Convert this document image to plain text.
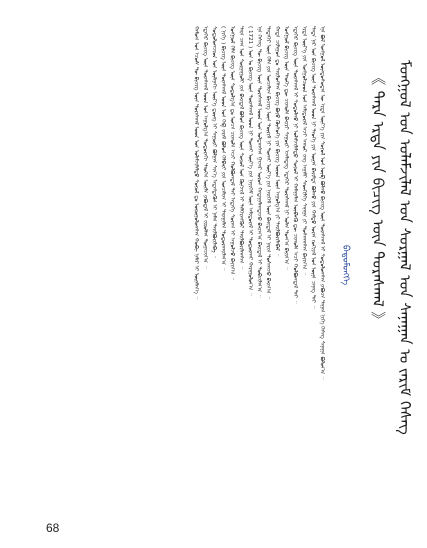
ᠮᠣᠩᠭᠣᠯ ᠤᠨ ᠤᠯᠠᠮᠵᠢᠯᠠᠯ ᠤᠨ ᠰᠤᠷᠭᠠᠯ ᠤᠨ ᠰᠠᠨᠠᠭᠠᠨ ᠤ ᠵᠠᠷᠢᠮ ᠬᠡᠰᠡᠭ
《 ᠲᠡᠷᠡ ᠡᠷᠲᠡ ᠶᠢᠨ ᠪᠢᠴᠢᠭ ᠦᠨ ᠳᠤᠷᠠᠰᠬᠠᠯ 》
ᠪᠠᠲᠤᠮᠥᠩᠬᠡ
ᠡᠨᠡ ᠪᠣᠯ ᠮᠣᠩᠭᠣᠯ ᠦᠨᠳᠦᠰᠦᠲᠡᠨ ᠦ ᠡᠷᠲᠡ ᠦᠶ᠎ᠡ ᠶᠢᠨ ᠰᠣᠶᠣᠯ ᠤᠨ ᠦᠪ ᠪᠣᠯᠬᠤ ᠪᠢᠴᠢᠭ ᠦᠨ ᠳᠤᠷᠠᠰᠬᠠᠯ ᠢ ᠰᠤᠳᠤᠯᠤᠭᠰᠠᠨ ᠶᠠᠪᠤᠴᠠ ᠳᠠᠭᠠᠨ ᠨᠢᠭᠡ ᠬᠡᠰᠡᠭ ᠰᠠᠨᠠᠭᠠ ᠪᠣᠯᠤᠨ᠎ᠠ ᠃
ᠲᠡᠳᠡ ᠨᠠᠷ ᠤᠨ ᠪᠢᠴᠢᠭ ᠦᠨ ᠳᠤᠷᠠᠰᠬᠠᠯ ᠤᠳ ᠨᠢ ᠲᠡᠦᠬᠡ ᠶᠢᠨ ᠦᠨᠡᠨ ᠪᠠᠷᠢᠮᠲᠠ ᠪᠣᠯᠬᠤ ᠶᠢᠨ ᠬᠠᠮᠲᠤ ᠤᠷᠠᠨ ᠵᠣᠬᠢᠶᠠᠯ ᠤᠨ ᠦᠨᠡ ᠴᠡᠨᠡᠭ ᠲᠡᠢ ᠃
ᠡᠷᠲᠡ ᠦᠶ᠎ᠡ ᠶᠢᠨ ᠮᠣᠩᠭᠣᠯᠴᠤᠳ ᠤᠨ ᠠᠮᠢᠳᠤᠷᠠᠯ ᠠᠵᠢ ᠠᠬᠤᠢ ᠵᠠᠩ ᠠᠭᠠᠯᠢ ᠰᠡᠳᠬᠢᠯᠭᠡ ᠰᠠᠨᠠᠭᠠ ᠶᠢ ᠲᠤᠰᠬᠠᠭᠰᠠᠨ ᠪᠠᠶᠢᠨ᠎ᠠ ᠃
ᠡᠳᠡᠭᠡᠷ ᠪᠢᠴᠢᠭ ᠦᠨ ᠳᠤᠷᠠᠰᠬᠠᠯ ᠢ ᠰᠤᠳᠤᠯᠬᠤ ᠨᠢ ᠤᠯᠠᠮᠵᠢᠯᠠᠯᠲᠤ ᠰᠣᠶᠣᠯ ᠢ ᠬᠠᠮᠠᠭᠠᠯᠠᠨ ᠥᠪᠯᠡᠬᠦ ᠳᠦ ᠴᠢᠬᠤᠯᠠ ᠠᠴᠢ ᠬᠣᠯᠪᠣᠭᠳᠠᠯ ᠲᠠᠢ ᠃
ᠮᠣᠩᠭᠣᠯ ᠪᠢᠴᠢᠭ ᠦᠨ ᠲᠡᠦᠬᠡ ᠳᠦ ᠴᠢᠬᠤᠯᠠ ᠪᠠᠢᠷᠢ ᠰᠠᠭᠤᠷᠢ ᠡᠵᠡᠯᠡᠳᠡᠭ ᠡᠳᠡᠭᠡᠷ ᠳᠤᠷᠠᠰᠬᠠᠯ ᠨᠢ ᠣᠯᠠᠨ ᠲᠣᠭ᠎ᠠ ᠪᠠᠶᠢᠨ᠎ᠠ ᠃
ᠬᠠᠳᠠ ᠴᠢᠯᠠᠭᠤᠨ ᠳᠤ ᠰᠡᠢᠯᠦᠭᠰᠡᠨ ᠪᠢᠴᠢᠭ ᠪᠤᠶᠤ ᠬᠥᠰᠦᠭᠡ ᠶᠢᠨ ᠪᠢᠴᠢᠭ ᠦᠳ ᠦᠨ ᠠᠭᠤᠯᠭ᠎ᠠ ᠶᠢ ᠲᠠᠢᠯᠪᠤᠷᠢᠯᠠᠪᠠᠯ ᠃
ᠲᠡᠳᠡᠭᠡᠷ ᠦᠨ ᠬᠡᠯᠡ ᠶᠢᠨ ᠣᠨᠴᠠᠯᠢᠭ ᠪᠢᠴᠢᠭ ᠦᠨ ᠳᠦᠷᠢᠮ ᠨᠢ ᠲᠤᠬᠠᠢ ᠦᠶ᠎ᠡ ᠶᠢᠨ ᠨᠡᠢᠭᠡᠮ ᠦᠨ ᠪᠠᠢᠳᠠᠯ ᠢ ᠨᠠᠷᠢᠨ ᠲᠤᠰᠬᠠᠵᠤ ᠪᠠᠢᠨ᠎ᠠ ᠃
ᠡᠨᠡ ᠬᠡᠰᠡᠭ ᠲᠦ ᠪᠢᠴᠢᠭ ᠦᠨ ᠳᠤᠷᠠᠰᠬᠠᠯ ᠤᠳ ᠤᠨ ᠣᠯᠳᠠᠭᠰᠠᠨ ᠭᠠᠵᠠᠷ ᠣᠷᠣᠨ ᠬᠠᠳᠠᠭᠠᠯᠠᠭᠳᠠᠵᠤ ᠪᠠᠢᠭ᠎ᠠ ᠪᠠᠢᠳᠠᠯ ᠢ ᠲᠣᠪᠴᠢᠯᠠᠨ᠎ᠠ ᠃
( 1721 ) ᠣᠨ ᠤ ᠪᠢᠴᠢᠭ ᠦᠨ ᠳᠤᠷᠠᠰᠬᠠᠯ ᠤᠳ ᠨᠢ ᠲᠤᠬᠠᠢ ᠦᠶ᠎ᠡ ᠶᠢᠨ ᠨᠡᠶᠢᠭᠡᠮ ᠦᠨ ᠠᠮᠢᠳᠤᠷᠠᠯ ᠢ ᠲᠣᠳᠤᠷᠬᠠᠢ ᠬᠠᠷᠠᠭᠤᠯᠤᠨ᠎ᠠ ᠃
ᠲᠡᠷᠡ ᠴᠠᠭ ᠤᠨ ᠰᠤᠷᠭᠠᠭᠤᠯᠢ ᠶᠢᠨ ᠪᠠᠢᠳᠠᠯ ᠪᠣᠯᠤᠨ ᠪᠢᠴᠢᠭ ᠦᠨ ᠰᠣᠶᠣᠯ ᠤᠨ ᠬᠥᠭᠵᠢᠯ ᠢ ᠳᠡᠯᠭᠡᠷᠡᠩᠭᠦᠢ ᠲᠠᠢᠯᠪᠤᠷᠢᠯᠠᠭᠰᠠᠨ ᠃
ᠮᠣᠩᠭᠣᠯ ᠬᠡᠯᠡ ᠪᠢᠴᠢᠭ ᠦᠨ ᠰᠤᠳᠤᠯᠭ᠎ᠠ ᠳᠤ ᠣᠨᠴᠠ ᠴᠢᠬᠤᠯᠠ ᠠᠴᠢ ᠬᠣᠯᠪᠣᠭᠳᠠᠯ ᠲᠠᠢ ᠮᠡᠳᠡᠭᠡ ᠰᠤᠷᠠᠭ ᠢ ᠠᠭᠤᠯᠵᠤ ᠪᠠᠶᠢᠨ᠎ᠠ ᠃
( ᠨᠢᠭᠡ ) ᠪᠢᠴᠢᠭ ᠦᠨ ᠳᠤᠷᠠᠰᠬᠠᠯ ᠤᠳ ᠤᠨ ᠬᠡᠪ ᠵᠠᠷᠠᠮ ᠪᠣᠯᠤᠨ ᠬᠡᠯᠪᠡᠷᠢ ᠶᠢᠨ ᠣᠨᠴᠠᠯᠢᠭ ᠢ ᠳᠠᠷᠠᠭᠠᠯᠠᠨ ᠲᠣᠳᠤᠷᠬᠠᠢᠯᠠᠨ᠎ᠠ ᠃
ᠰᠤᠳᠤᠯᠤᠭᠴᠢᠳ ᠤᠨ ᠥᠮᠡᠨᠡᠬᠢ ᠦᠷ᠎ᠡ ᠳ᠋ᠦᠩ ᠢ ᠰᠠᠭᠤᠷᠢ ᠪᠣᠯᠭᠠᠨ ᠰᠢᠨ᠎ᠡ ᠮᠡᠳᠡᠭᠳᠡᠬᠦᠨ ᠢ ᠨᠡᠮᠡᠨ ᠲᠠᠢᠯᠪᠤᠷᠢᠯᠠᠪᠠ ᠃
ᠡᠳᠡᠭᠡᠷ ᠪᠢᠴᠢᠭ ᠦᠨ ᠳᠤᠷᠠᠰᠬᠠᠯ ᠤᠳ ᠤᠨ ᠠᠭᠤᠯᠭ᠎ᠠ ᠳᠣᠲᠣᠷᠠᠬᠢ ᠲᠡᠦᠬᠡᠨ ᠦᠢᠯᠡ ᠶᠠᠪᠤᠳᠠᠯ ᠢ ᠵᠢᠷᠤᠮᠯᠠᠨ ᠲᠣᠭᠠᠴᠢᠨ᠎ᠠ ᠃
ᠬᠠᠮᠤᠭ ᠤᠨ ᠡᠴᠦᠰ ᠲᠦ ᠪᠢᠴᠢᠭ ᠦᠨ ᠳᠤᠷᠠᠰᠬᠠᠯ ᠤᠳ ᠤᠨ ᠤᠯᠠᠮᠵᠢᠯᠠᠯᠲᠤ ᠰᠣᠶᠣᠯ ᠳᠤ ᠣᠷᠣᠭᠤᠯᠤᠭᠰᠠᠨ ᠬᠤᠪᠢ ᠨᠡᠮᠡᠷ ᠢ ᠦᠨᠡᠯᠡᠨ᠎ᠡ ᠃
68
